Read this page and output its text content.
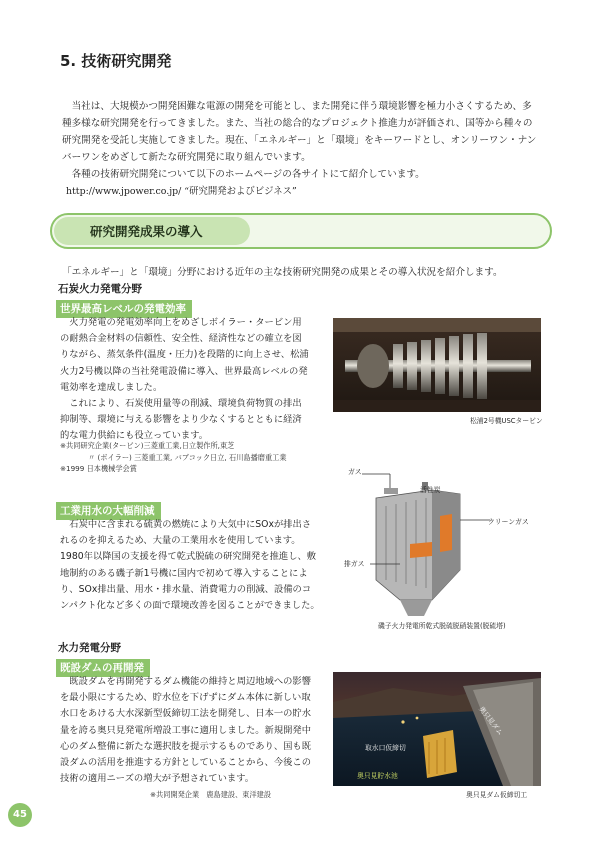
5. 技術研究開発

当社は、大規模かつ開発困難な電源の開発を可能とし、また開発に伴う環境影響を極力小さくするため、多種多様な研究開発を行ってきました。また、当社の総合的なプロジェクト推進力が評価され、国等から種々の研究開発を受託し実施してきました。現在、「エネルギー」と「環境」をキーワードとし、オンリーワン・ナンバーワンをめざして新たな研究開発に取り組んでいます。

各種の技術研究開発について以下のホームページの各サイトにて紹介しています。

http://www.jpower.co.jp/ “研究開発およびビジネス”

研究開発成果の導入
「エネルギー」と「環境」分野における近年の主な技術研究開発の成果とその導入状況を紹介します。
石炭火力発電分野
世界最高レベルの発電効率

火力発電の発電効率向上をめざしボイラー・タービン用の耐熱合金材料の信頼性、安全性、経済性などの確立を図りながら、蒸気条件(温度・圧力)を段階的に向上させ、松浦火力2号機以降の当社発電設備に導入、世界最高レベルの発電効率を達成しました。

これにより、石炭使用量等の削減、環境負荷物質の排出抑制等、環境に与える影響をより少なくするとともに経済的な電力供給にも役立っています。

※共同研究企業(タービン)三菱重工業,日立製作所,東芝
〃 (ボイラー) 三菱重工業, バブコック日立, 石川島播磨重工業
※1999 日本機械学会賞
松浦2号機USCタービン
ガス
活性炭
クリーンガス
排ガス
磯子火力発電所乾式脱硫脱硝装置(脱硫塔)
工業用水の大幅削減

石炭中に含まれる硫黄の燃焼により大気中にSOxが排出されるのを抑えるため、大量の工業用水を使用しています。1980年以降国の支援を得て乾式脱硫の研究開発を推進し、敷地制約のある磯子新1号機に国内で初めて導入することにより、SOx排出量、用水・排水量、消費電力の削減、設備のコンパクト化など多くの面で環境改善を図ることができました。

水力発電分野
既設ダムの再開発

既設ダムを再開発するダム機能の維持と周辺地域への影響を最小限にするため、貯水位を下げずにダム本体に新しい取水口をあける大水深新型仮締切工法を開発し、日本一の貯水量を誇る奥只見発電所増設工事に適用しました。新規開発中心のダム整備に新たな選択肢を提示するものであり、国も既設ダムの活用を推進する方針としていることから、今後この技術の適用ニーズの増大が予想されています。

※共同開発企業　鹿島建設、東洋建設
取水口仮締切
奥只見ダム
奥只見貯水池
奥只見ダム仮締切工
45
